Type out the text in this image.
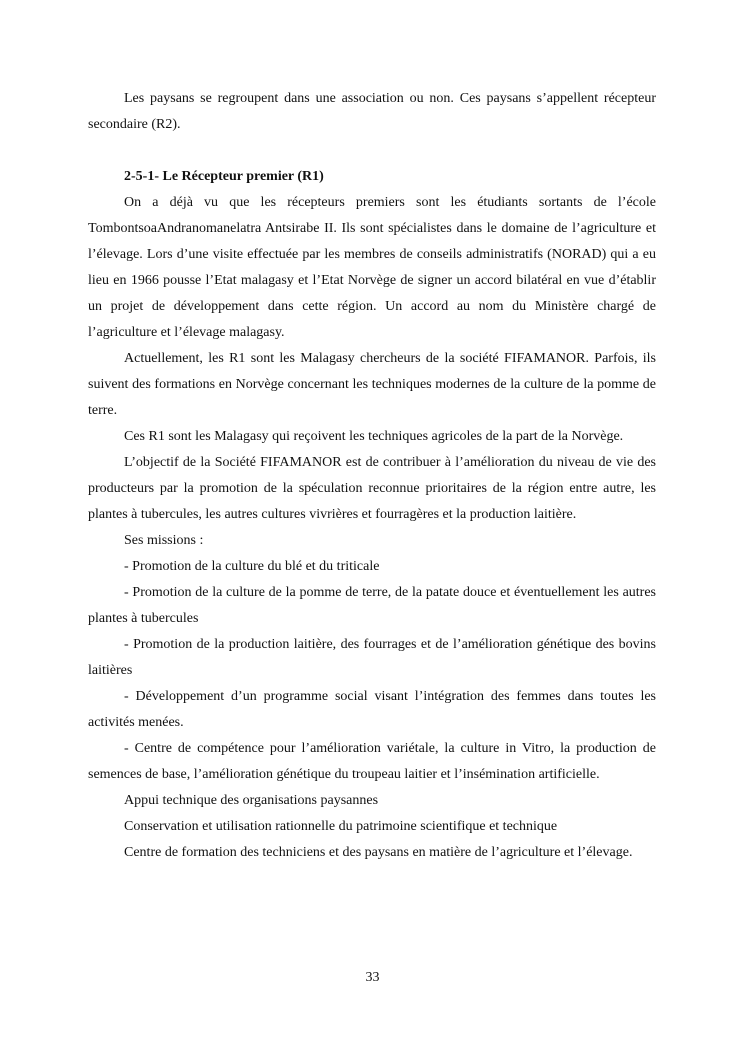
Les paysans se regroupent dans une association ou non. Ces paysans s’appellent récepteur secondaire (R2).

2-5-1- Le Récepteur premier (R1)

On a déjà vu que les récepteurs premiers sont les étudiants sortants de l’école TombontsoaAndranomanelatra Antsirabe II. Ils sont spécialistes dans le domaine de l’agriculture et l’élevage. Lors d’une visite effectuée par les membres de conseils administratifs (NORAD) qui a eu lieu en 1966 pousse l’Etat malagasy et l’Etat Norvège de signer un accord bilatéral en vue d’établir un projet de développement dans cette région. Un accord au nom du Ministère chargé de l’agriculture et l’élevage malagasy.

Actuellement, les R1 sont les Malagasy chercheurs de la société FIFAMANOR. Parfois, ils suivent des formations en Norvège concernant les techniques modernes de la culture de la pomme de terre.

Ces R1 sont les Malagasy qui reçoivent les techniques agricoles de la part de la Norvège.

L’objectif de la Société FIFAMANOR est de contribuer à l’amélioration du niveau de vie des producteurs par la promotion de la spéculation reconnue prioritaires de la région entre autre, les plantes à tubercules, les autres cultures vivrières et fourragères et la production laitière.

Ses missions :

- Promotion de la culture du blé et du triticale

- Promotion de la culture de la pomme de terre, de la patate douce et éventuellement les autres plantes à tubercules

- Promotion de la production laitière, des fourrages et de l’amélioration génétique des bovins laitières

- Développement d’un programme social visant l’intégration des femmes dans toutes les activités menées.

- Centre de compétence pour l’amélioration variétale, la culture in Vitro, la production de semences de base, l’amélioration génétique du troupeau laitier et l’insémination artificielle.

Appui technique des organisations paysannes

Conservation et utilisation rationnelle du patrimoine scientifique et technique

Centre de formation des techniciens et des paysans en matière de l’agriculture et l’élevage.

33
